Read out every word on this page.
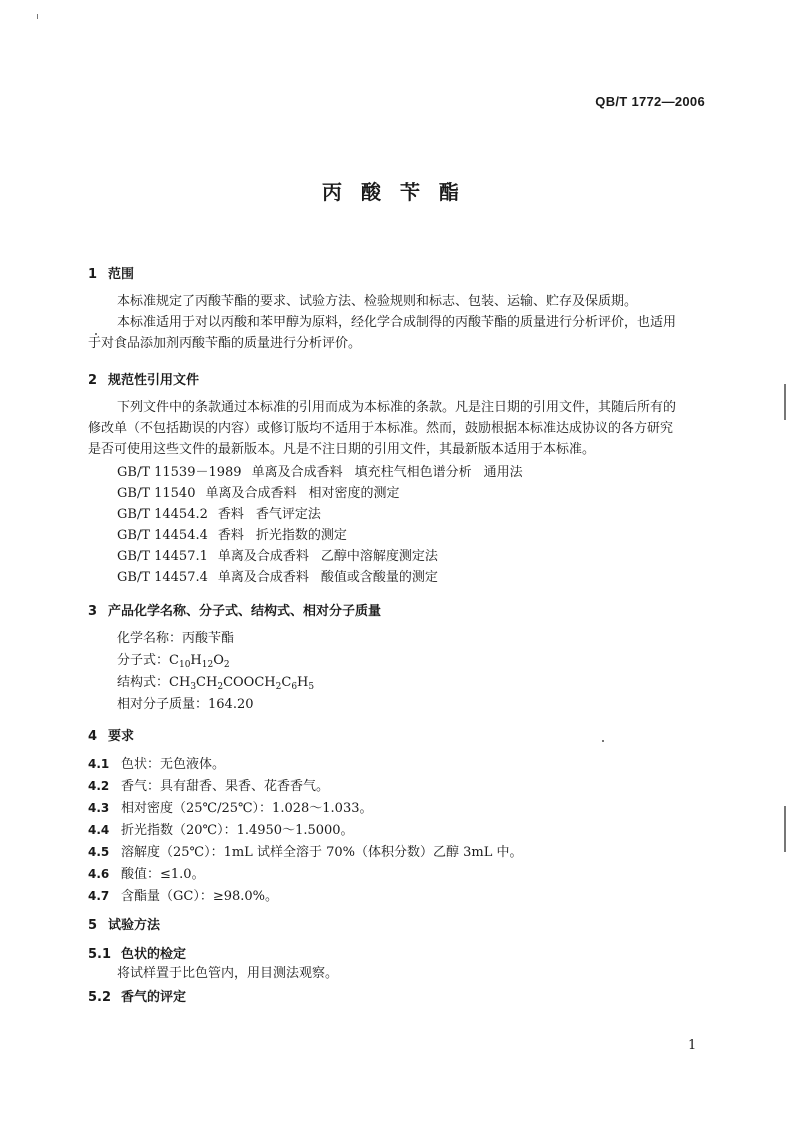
QB/T 1772—2006
丙 酸 苄 酯
1 范围
本标准规定了丙酸苄酯的要求、试验方法、检验规则和标志、包装、运输、贮存及保质期。
本标准适用于对以丙酸和苯甲醇为原料，经化学合成制得的丙酸苄酯的质量进行分析评价，也适用
于对食品添加剂丙酸苄酯的质量进行分析评价。
2 规范性引用文件
下列文件中的条款通过本标准的引用而成为本标准的条款。凡是注日期的引用文件，其随后所有的
修改单（不包括勘误的内容）或修订版均不适用于本标准。然而，鼓励根据本标准达成协议的各方研究
是否可使用这些文件的最新版本。凡是不注日期的引用文件，其最新版本适用于本标准。
GB/T 11539－1989 单离及合成香料 填充柱气相色谱分析 通用法
GB/T 11540 单离及合成香料 相对密度的测定
GB/T 14454.2 香料 香气评定法
GB/T 14454.4 香料 折光指数的测定
GB/T 14457.1 单离及合成香料 乙醇中溶解度测定法
GB/T 14457.4 单离及合成香料 酸值或含酸量的测定
3 产品化学名称、分子式、结构式、相对分子质量
化学名称：丙酸苄酯
分子式：$C_{10}H_{12}O_2$
结构式：$CH_3CH_2COOCH_2C_6H_5$
相对分子质量：164.20
4 要求
4.1 色状：无色液体。
4.2 香气：具有甜香、果香、花香香气。
4.3 相对密度（25℃/25℃）：1.028～1.033。
4.4 折光指数（20℃）：1.4950～1.5000。
4.5 溶解度（25℃）：1mL 试样全溶于 70%（体积分数）乙醇 3mL 中。
4.6 酸值：≤1.0。
4.7 含酯量（GC）：≥98.0%。
5 试验方法
5.1 色状的检定
将试样置于比色管内，用目测法观察。
5.2 香气的评定
1
